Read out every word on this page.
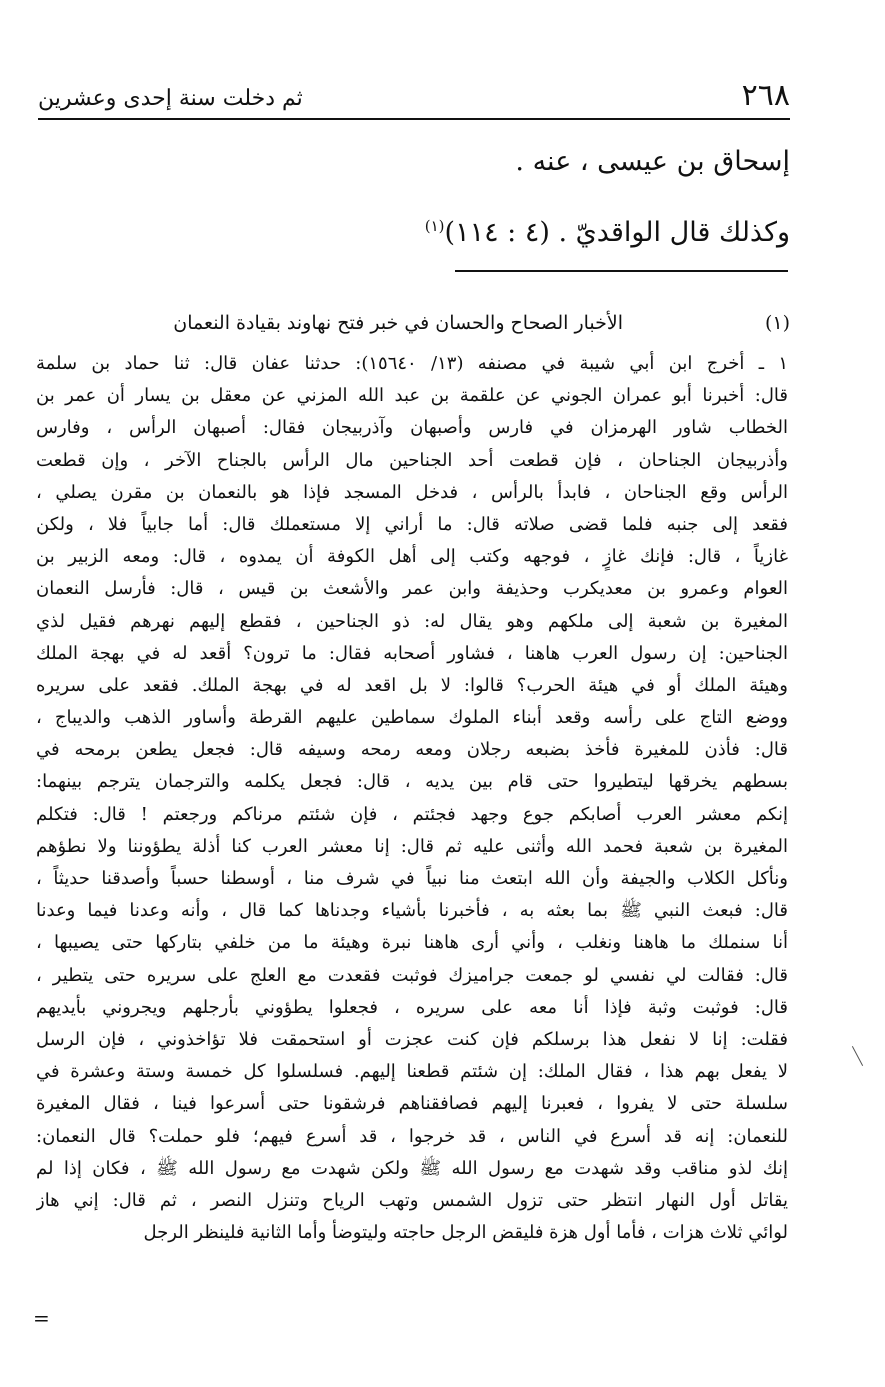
٢٦٨
ثم دخلت سنة إحدى وعشرين
إسحاق بن عيسى ، عنه .
وكذلك قال الواقديّ . (٤ : ١١٤)$^{(١)}$
(١)
الأخبار الصحاح والحسان في خبر فتح نهاوند بقيادة النعمان
١ ـ أخرج ابن أبي شيبة في مصنفه (١٣/ ١٥٦٤٠): حدثنا عفان قال: ثنا حماد بن سلمة
قال: أخبرنا أبو عمران الجوني عن علقمة بن عبد الله المزني عن معقل بن يسار أن عمر بن
الخطاب شاور الهرمزان في فارس وأصبهان وآذربيجان فقال: أصبهان الرأس ، وفارس
وأذربيجان الجناحان ، فإن قطعت أحد الجناحين مال الرأس بالجناح الآخر ، وإن قطعت
الرأس وقع الجناحان ، فابدأ بالرأس ، فدخل المسجد فإذا هو بالنعمان بن مقرن يصلي ،
فقعد إلى جنبه فلما قضى صلاته قال: ما أراني إلا مستعملك قال: أما جابياً فلا ، ولكن
غازياً ، قال: فإنك غازٍ ، فوجهه وكتب إلى أهل الكوفة أن يمدوه ، قال: ومعه الزبير بن
العوام وعمرو بن معديكرب وحذيفة وابن عمر والأشعث بن قيس ، قال: فأرسل النعمان
المغيرة بن شعبة إلى ملكهم وهو يقال له: ذو الجناحين ، فقطع إليهم نهرهم فقيل لذي
الجناحين: إن رسول العرب هاهنا ، فشاور أصحابه فقال: ما ترون؟ أقعد له في بهجة الملك
وهيئة الملك أو في هيئة الحرب؟ قالوا: لا بل اقعد له في بهجة الملك. فقعد على سريره
ووضع التاج على رأسه وقعد أبناء الملوك سماطين عليهم القرطة وأساور الذهب والديباج ،
قال: فأذن للمغيرة فأخذ بضبعه رجلان ومعه رمحه وسيفه قال: فجعل يطعن برمحه في
بسطهم يخرقها ليتطيروا حتى قام بين يديه ، قال: فجعل يكلمه والترجمان يترجم بينهما:
إنكم معشر العرب أصابكم جوع وجهد فجئتم ، فإن شئتم مرناكم ورجعتم ! قال: فتكلم
المغيرة بن شعبة فحمد الله وأثنى عليه ثم قال: إنا معشر العرب كنا أذلة يطؤوننا ولا نطؤهم
ونأكل الكلاب والجيفة وأن الله ابتعث منا نبياً في شرف منا ، أوسطنا حسباً وأصدقنا حديثاً ،
قال: فبعث النبي ﷺ بما بعثه به ، فأخبرنا بأشياء وجدناها كما قال ، وأنه وعدنا فيما وعدنا
أنا سنملك ما هاهنا ونغلب ، وأني أرى هاهنا نبرة وهيئة ما من خلفي بتاركها حتى يصيبها ،
قال: فقالت لي نفسي لو جمعت جراميزك فوثبت فقعدت مع العلج على سريره حتى يتطير ،
قال: فوثبت وثبة فإذا أنا معه على سريره ، فجعلوا يطؤوني بأرجلهم ويجروني بأيديهم
فقلت: إنا لا نفعل هذا برسلكم فإن كنت عجزت أو استحمقت فلا تؤاخذوني ، فإن الرسل
لا يفعل بهم هذا ، فقال الملك: إن شئتم قطعنا إليهم. فسلسلوا كل خمسة وستة وعشرة في
سلسلة حتى لا يفروا ، فعبرنا إليهم فصافقناهم فرشقونا حتى أسرعوا فينا ، فقال المغيرة
للنعمان: إنه قد أسرع في الناس ، قد خرجوا ، قد أسرع فيهم؛ فلو حملت؟ قال النعمان:
إنك لذو مناقب وقد شهدت مع رسول الله ﷺ ولكن شهدت مع رسول الله ﷺ ، فكان إذا لم
يقاتل أول النهار انتظر حتى تزول الشمس وتهب الرياح وتنزل النصر ، ثم قال: إني هاز
لوائي ثلاث هزات ، فأما أول هزة فليقض الرجل حاجته وليتوضأ وأما الثانية فلينظر الرجل
=
